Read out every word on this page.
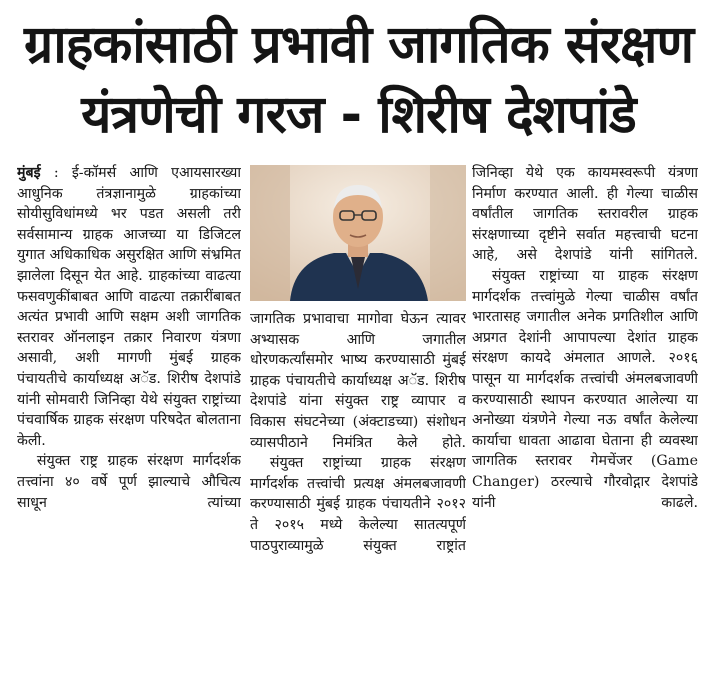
ग्राहकांसाठी प्रभावी जागतिक संरक्षण
यंत्रणेची गरज - शिरीष देशपांडे

मुंबई : ई-कॉमर्स आणि एआयसारख्या आधुनिक तंत्रज्ञानामुळे ग्राहकांच्या सोयीसुविधांमध्ये भर पडत असली तरी सर्वसामान्य ग्राहक आजच्या या डिजिटल युगात अधिकाधिक असुरक्षित आणि संभ्रमित झालेला दिसून येत आहे. ग्राहकांच्या वाढत्या फसवणुकींबाबत आणि वाढत्या तक्रारींबाबत अत्यंत प्रभावी आणि सक्षम अशी जागतिक स्तरावर ऑनलाइन तक्रार निवारण यंत्रणा असावी, अशी मागणी मुंबई ग्राहक पंचायतीचे कार्याध्यक्ष अॅड. शिरीष देशपांडे यांनी सोमवारी जिनिव्हा येथे संयुक्त राष्ट्रांच्या पंचवार्षिक ग्राहक संरक्षण परिषदेत बोलताना केली.

संयुक्त राष्ट्र ग्राहक संरक्षण मार्गदर्शक तत्त्वांना ४० वर्षे पूर्ण झाल्याचे औचित्य साधून त्यांच्या

जागतिक प्रभावाचा मागोवा घेऊन त्यावर अभ्यासक आणि जगातील धोरणकर्त्यांसमोर भाष्य करण्यासाठी मुंबई ग्राहक पंचायतीचे कार्याध्यक्ष अॅड. शिरीष देशपांडे यांना संयुक्त राष्ट्र व्यापार व विकास संघटनेच्या (अंक्टाडच्या) संशोधन व्यासपीठाने निमंत्रित केले होते.

संयुक्त राष्ट्रांच्या ग्राहक संरक्षण मार्गदर्शक तत्त्वांची प्रत्यक्ष अंमलबजावणी करण्यासाठी मुंबई ग्राहक पंचायतीने २०१२ ते २०१५ मध्ये केलेल्या सातत्यपूर्ण पाठपुराव्यामुळे संयुक्त राष्ट्रांत

जिनिव्हा येथे एक कायमस्वरूपी यंत्रणा निर्माण करण्यात आली. ही गेल्या चाळीस वर्षांतील जागतिक स्तरावरील ग्राहक संरक्षणाच्या दृष्टीने सर्वात महत्त्वाची घटना आहे, असे देशपांडे यांनी सांगितले.

संयुक्त राष्ट्रांच्या या ग्राहक संरक्षण मार्गदर्शक तत्त्वांमुळे गेल्या चाळीस वर्षांत भारतासह जगातील अनेक प्रगतिशील आणि अप्रगत देशांनी आपापल्या देशांत ग्राहक संरक्षण कायदे अंमलात आणले. २०१६ पासून या मार्गदर्शक तत्त्वांची अंमलबजावणी करण्यासाठी स्थापन करण्यात आलेल्या या अनोख्या यंत्रणेने गेल्या नऊ वर्षांत केलेल्या कार्याचा धावता आढावा घेताना ही व्यवस्था जागतिक स्तरावर गेमचेंजर (Game Changer) ठरल्याचे गौरवोद्गार देशपांडे यांनी काढले.
